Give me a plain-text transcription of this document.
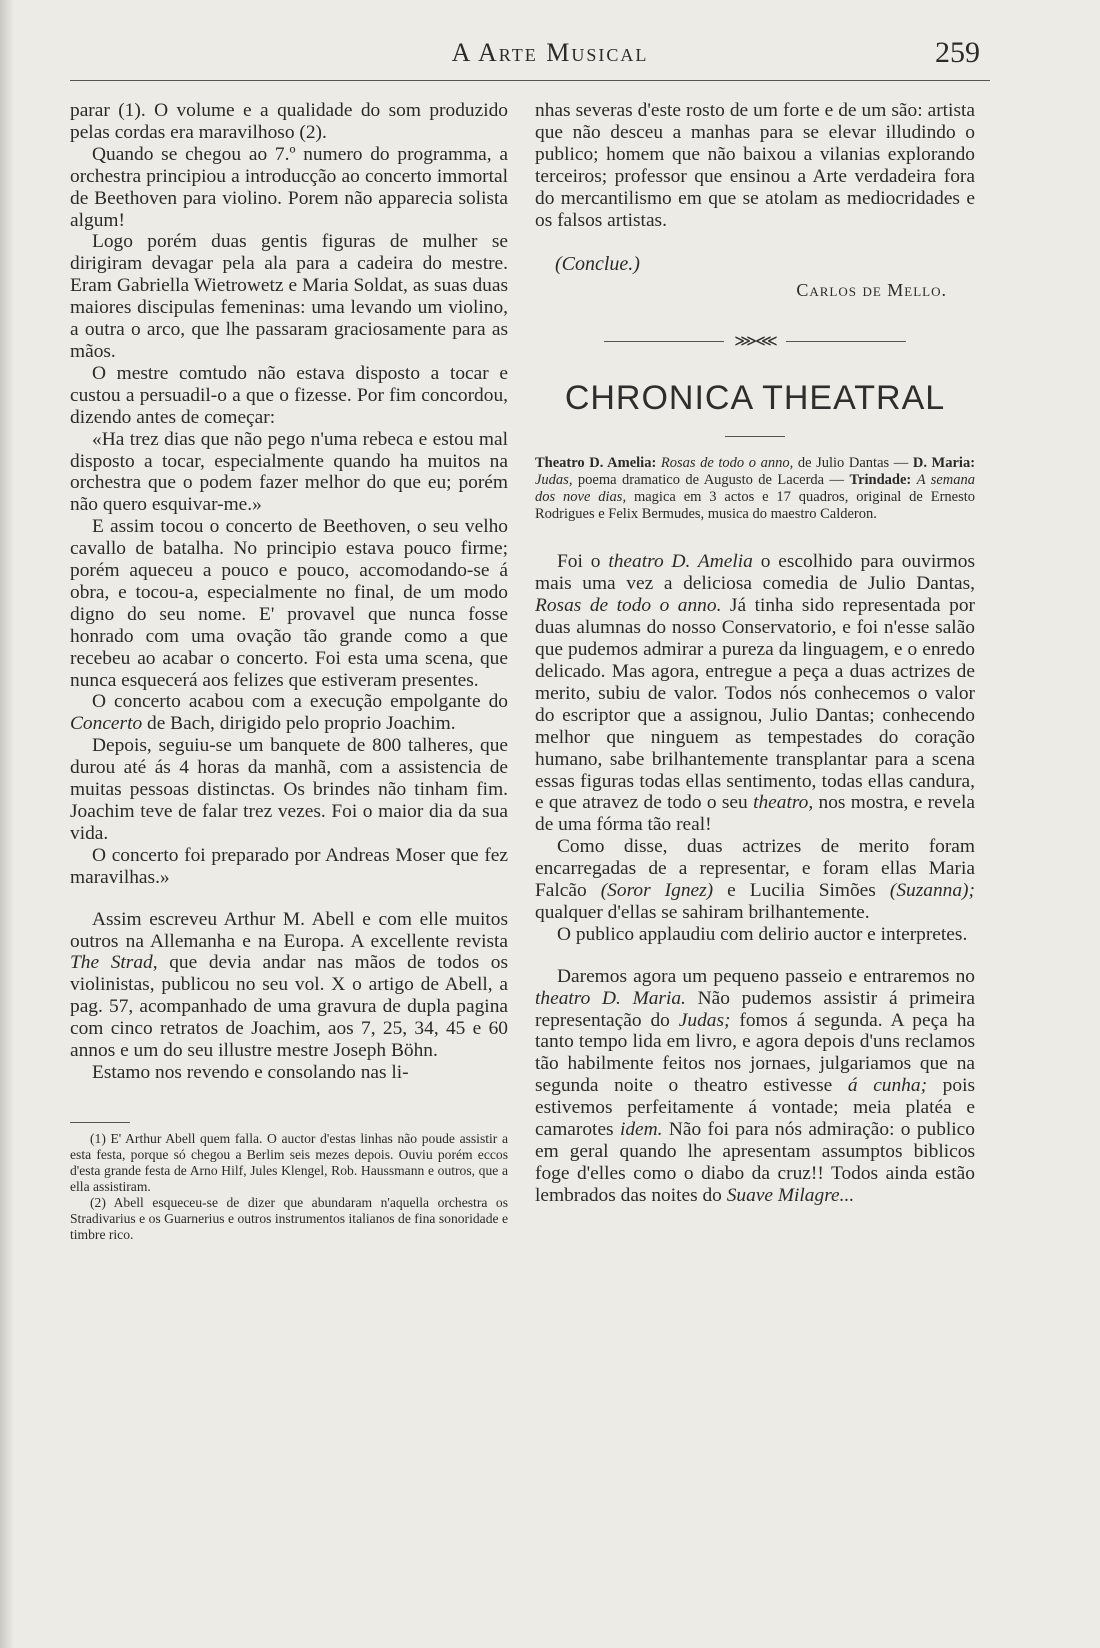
A Arte Musical	259

parar (1). O volume e a qualidade do som produzido pelas cordas era maravilhoso (2).

Quando se chegou ao 7.º numero do programma, a orchestra principiou a introducção ao concerto immortal de Beethoven para violino. Porem não apparecia solista algum!

Logo porém duas gentis figuras de mulher se dirigiram devagar pela ala para a cadeira do mestre. Eram Gabriella Wietrowetz e Maria Soldat, as suas duas maiores discipulas femeninas: uma levando um violino, a outra o arco, que lhe passaram graciosamente para as mãos.

O mestre comtudo não estava disposto a tocar e custou a persuadil-o a que o fizesse. Por fim concordou, dizendo antes de começar:

«Ha trez dias que não pego n'uma rebeca e estou mal disposto a tocar, especialmente quando ha muitos na orchestra que o podem fazer melhor do que eu; porém não quero esquivar-me.»

E assim tocou o concerto de Beethoven, o seu velho cavallo de batalha. No principio estava pouco firme; porém aqueceu a pouco e pouco, accomodando-se á obra, e tocou-a, especialmente no final, de um modo digno do seu nome. E' provavel que nunca fosse honrado com uma ovação tão grande como a que recebeu ao acabar o concerto. Foi esta uma scena, que nunca esquecerá aos felizes que estiveram presentes.

O concerto acabou com a execução empolgante do Concerto de Bach, dirigido pelo proprio Joachim.

Depois, seguiu-se um banquete de 800 talheres, que durou até ás 4 horas da manhã, com a assistencia de muitas pessoas distinctas. Os brindes não tinham fim. Joachim teve de falar trez vezes. Foi o maior dia da sua vida.

O concerto foi preparado por Andreas Moser que fez maravilhas.»

Assim escreveu Arthur M. Abell e com elle muitos outros na Allemanha e na Europa. A excellente revista The Strad, que devia andar nas mãos de todos os violinistas, publicou no seu vol. X o artigo de Abell, a pag. 57, acompanhado de uma gravura de dupla pagina com cinco retratos de Joachim, aos 7, 25, 34, 45 e 60 annos e um do seu illustre mestre Joseph Böhn.

Estamo nos revendo e consolando nas li-

(1) E' Arthur Abell quem falla. O auctor d'estas linhas não poude assistir a esta festa, porque só chegou a Berlim seis mezes depois. Ouviu porém eccos d'esta grande festa de Arno Hilf, Jules Klengel, Rob. Haussmann e outros, que a ella assistiram.

(2) Abell esqueceu-se de dizer que abundaram n'aquella orchestra os Stradivarius e os Guarnerius e outros instrumentos italianos de fina sonoridade e timbre rico.

nhas severas d'este rosto de um forte e de um são: artista que não desceu a manhas para se elevar illudindo o publico; homem que não baixou a vilanias explorando terceiros; professor que ensinou a Arte verdadeira fora do mercantilismo em que se atolam as mediocridades e os falsos artistas.

(Conclue.)
Carlos de Mello.
⋙⋘
CHRONICA THEATRAL

Theatro D. Amelia: Rosas de todo o anno, de Julio Dantas — D. Maria: Judas, poema dramatico de Augusto de Lacerda — Trindade: A semana dos nove dias, magica em 3 actos e 17 quadros, original de Ernesto Rodrigues e Felix Bermudes, musica do maestro Calderon.

Foi o theatro D. Amelia o escolhido para ouvirmos mais uma vez a deliciosa comedia de Julio Dantas, Rosas de todo o anno. Já tinha sido representada por duas alumnas do nosso Conservatorio, e foi n'esse salão que pudemos admirar a pureza da linguagem, e o enredo delicado. Mas agora, entregue a peça a duas actrizes de merito, subiu de valor. Todos nós conhecemos o valor do escriptor que a assignou, Julio Dantas; conhecendo melhor que ninguem as tempestades do coração humano, sabe brilhantemente transplantar para a scena essas figuras todas ellas sentimento, todas ellas candura, e que atravez de todo o seu theatro, nos mostra, e revela de uma fórma tão real!

Como disse, duas actrizes de merito foram encarregadas de a representar, e foram ellas Maria Falcão (Soror Ignez) e Lucilia Simões (Suzanna); qualquer d'ellas se sahiram brilhantemente.

O publico applaudiu com delirio auctor e interpretes.

Daremos agora um pequeno passeio e entraremos no theatro D. Maria. Não pudemos assistir á primeira representação do Judas; fomos á segunda. A peça ha tanto tempo lida em livro, e agora depois d'uns reclamos tão habilmente feitos nos jornaes, julgariamos que na segunda noite o theatro estivesse á cunha; pois estivemos perfeitamente á vontade; meia platéa e camarotes idem. Não foi para nós admiração: o publico em geral quando lhe apresentam assumptos biblicos foge d'elles como o diabo da cruz!! Todos ainda estão lembrados das noites do Suave Milagre...
